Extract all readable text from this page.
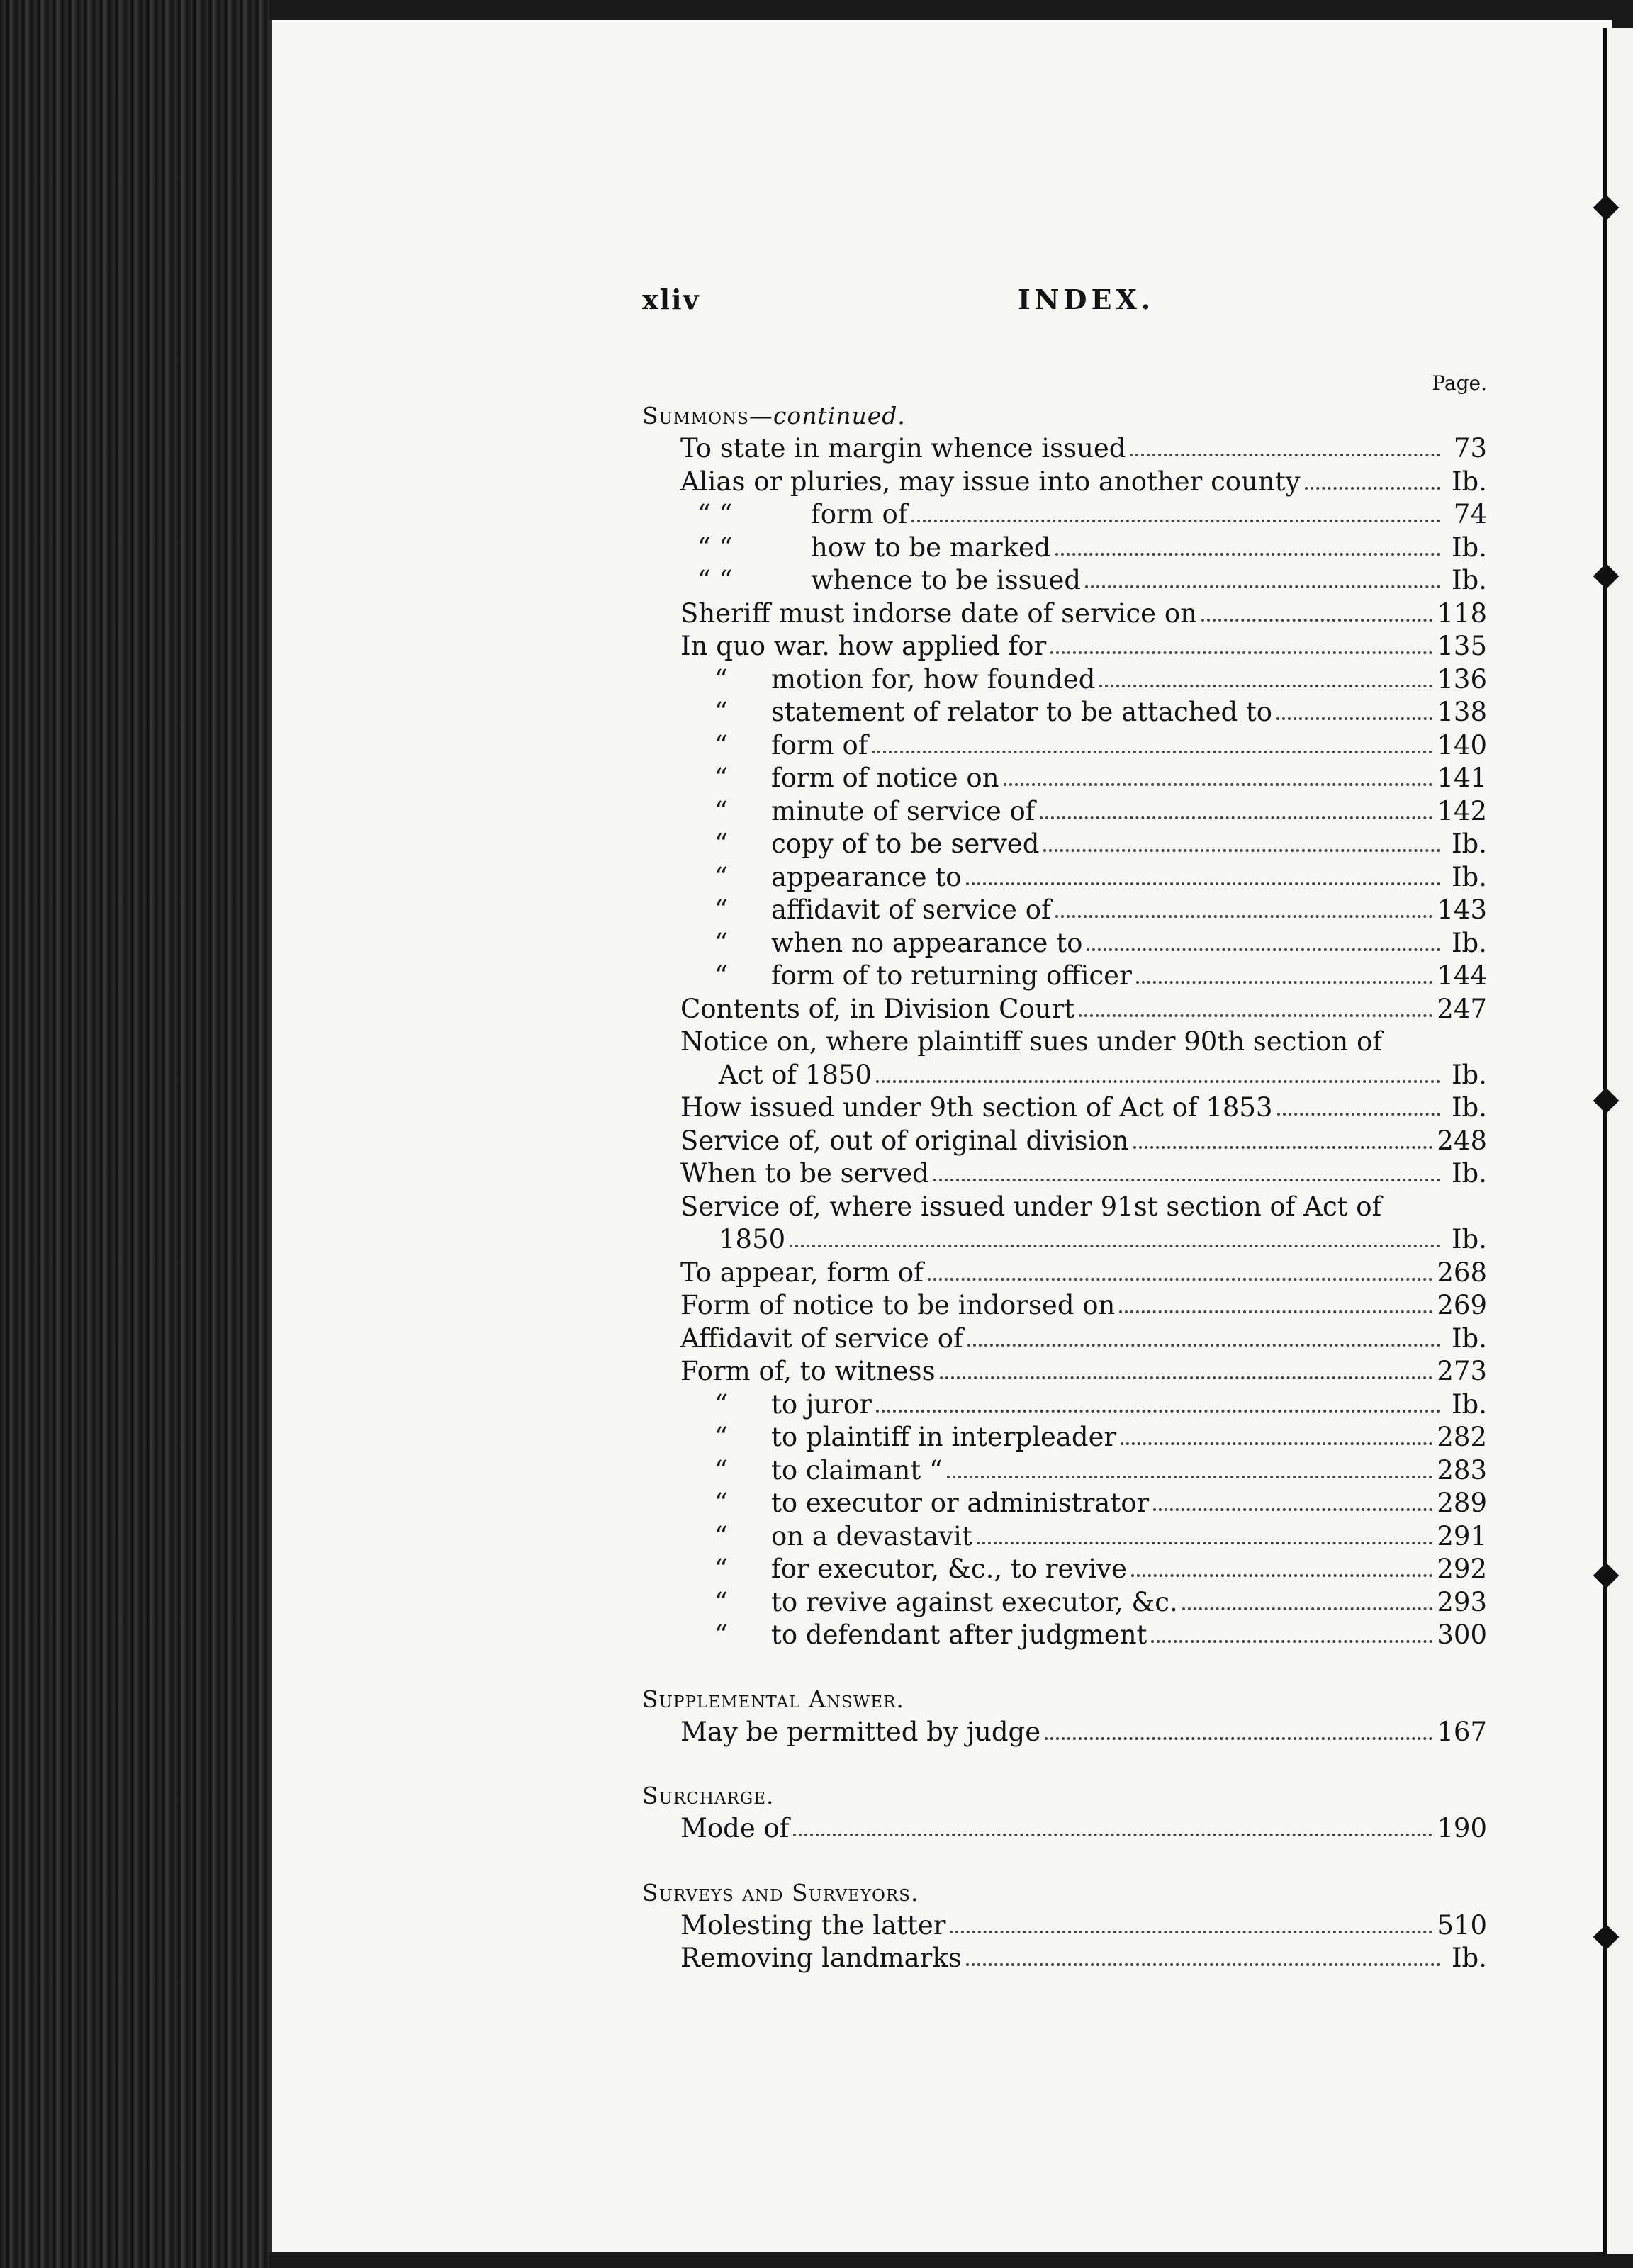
xliv	INDEX.
Page.
Summons—continued.
To state in margin whence issued	73
Alias or pluries, may issue into another county	Ib.
“ “	form of	74
“ “	how to be marked	Ib.
“ “	whence to be issued	Ib.
Sheriff must indorse date of service on	118
In quo war. how applied for	135
“	motion for, how founded	136
“	statement of relator to be attached to	138
“	form of	140
“	form of notice on	141
“	minute of service of	142
“	copy of to be served	Ib.
“	appearance to	Ib.
“	affidavit of service of	143
“	when no appearance to	Ib.
“	form of to returning officer	144
Contents of, in Division Court	247
Notice on, where plaintiff sues under 90th section of
Act of 1850	Ib.
How issued under 9th section of Act of 1853	Ib.
Service of, out of original division	248
When to be served	Ib.
Service of, where issued under 91st section of Act of
1850	Ib.
To appear, form of	268
Form of notice to be indorsed on	269
Affidavit of service of	Ib.
Form of, to witness	273
“	to juror	Ib.
“	to plaintiff in interpleader	282
“	to claimant “	283
“	to executor or administrator	289
“	on a devastavit	291
“	for executor, &c., to revive	292
“	to revive against executor, &c.	293
“	to defendant after judgment	300
Supplemental Answer.
May be permitted by judge	167
Surcharge.
Mode of	190
Surveys and Surveyors.
Molesting the latter	510
Removing landmarks	Ib.
